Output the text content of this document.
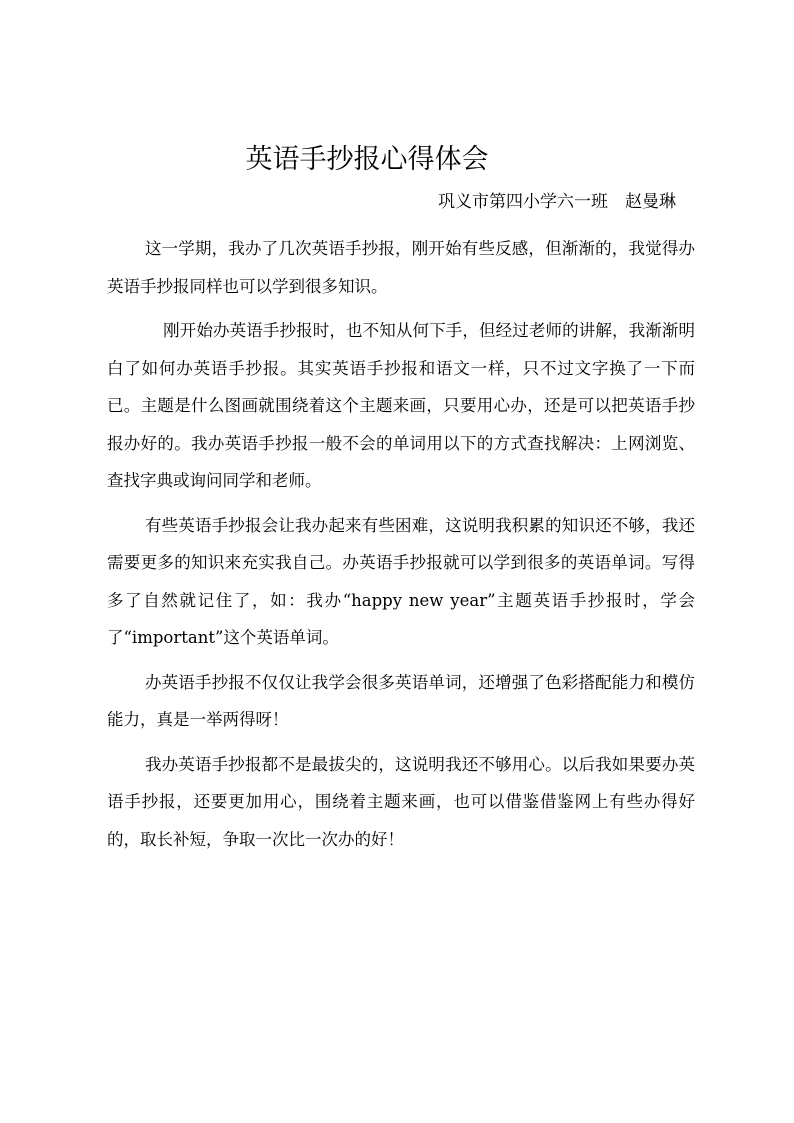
英语手抄报心得体会
巩义市第四小学六一班　赵曼琳

这一学期，我办了几次英语手抄报，刚开始有些反感，但渐渐的，我觉得办英语手抄报同样也可以学到很多知识。

刚开始办英语手抄报时，也不知从何下手，但经过老师的讲解，我渐渐明白了如何办英语手抄报。其实英语手抄报和语文一样，只不过文字换了一下而已。主题是什么图画就围绕着这个主题来画，只要用心办，还是可以把英语手抄报办好的。我办英语手抄报一般不会的单词用以下的方式查找解决：上网浏览、查找字典或询问同学和老师。

有些英语手抄报会让我办起来有些困难，这说明我积累的知识还不够，我还需要更多的知识来充实我自己。办英语手抄报就可以学到很多的英语单词。写得多了自然就记住了，如：我办“happy new year”主题英语手抄报时，学会了“important”这个英语单词。

办英语手抄报不仅仅让我学会很多英语单词，还增强了色彩搭配能力和模仿能力，真是一举两得呀！

我办英语手抄报都不是最拔尖的，这说明我还不够用心。以后我如果要办英语手抄报，还要更加用心，围绕着主题来画，也可以借鉴借鉴网上有些办得好的，取长补短，争取一次比一次办的好！
